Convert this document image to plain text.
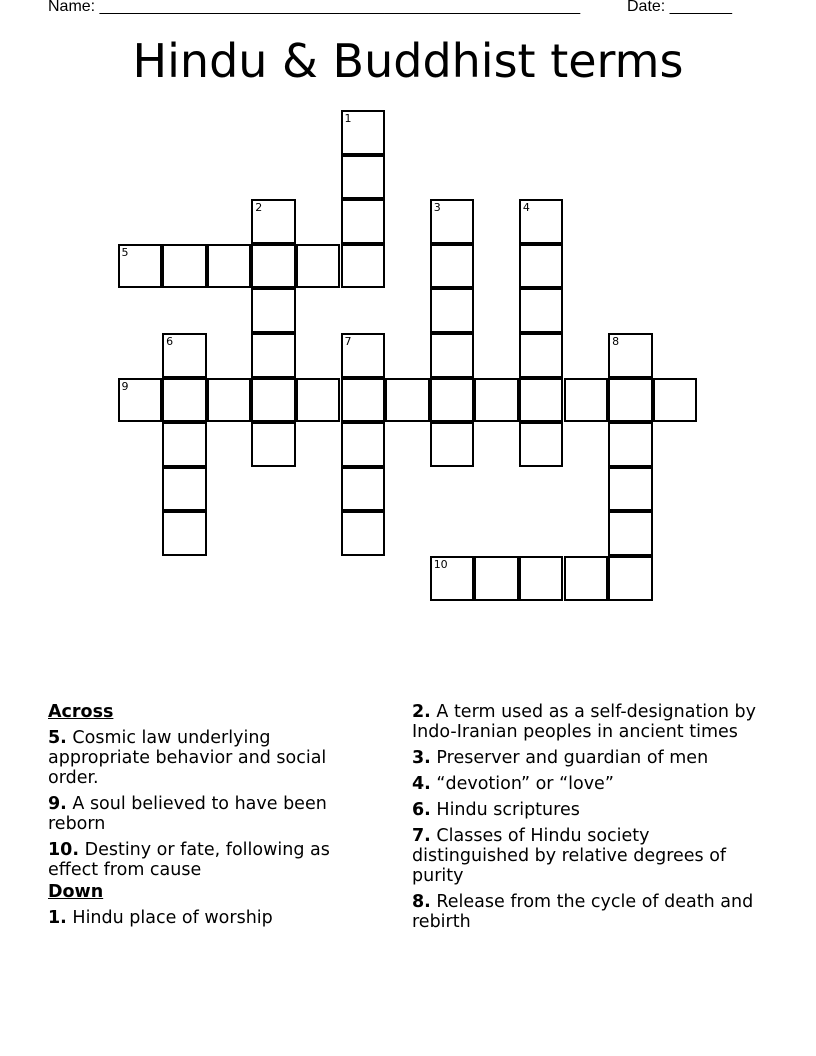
Name: ______________________________________________________	Date: _______
Hindu & Buddhist terms
5
9
10
1
2	3	4
6	7	8
Across
5. Cosmic law underlying appropriate behavior and social order.
9. A soul believed to have been reborn
10. Destiny or fate, following as effect from cause
Down
1. Hindu place of worship
2. A term used as a self-designation by Indo-Iranian peoples in ancient times
3. Preserver and guardian of men
4. “devotion” or “love”
6. Hindu scriptures
7. Classes of Hindu society distinguished by relative degrees of purity
8. Release from the cycle of death and rebirth
